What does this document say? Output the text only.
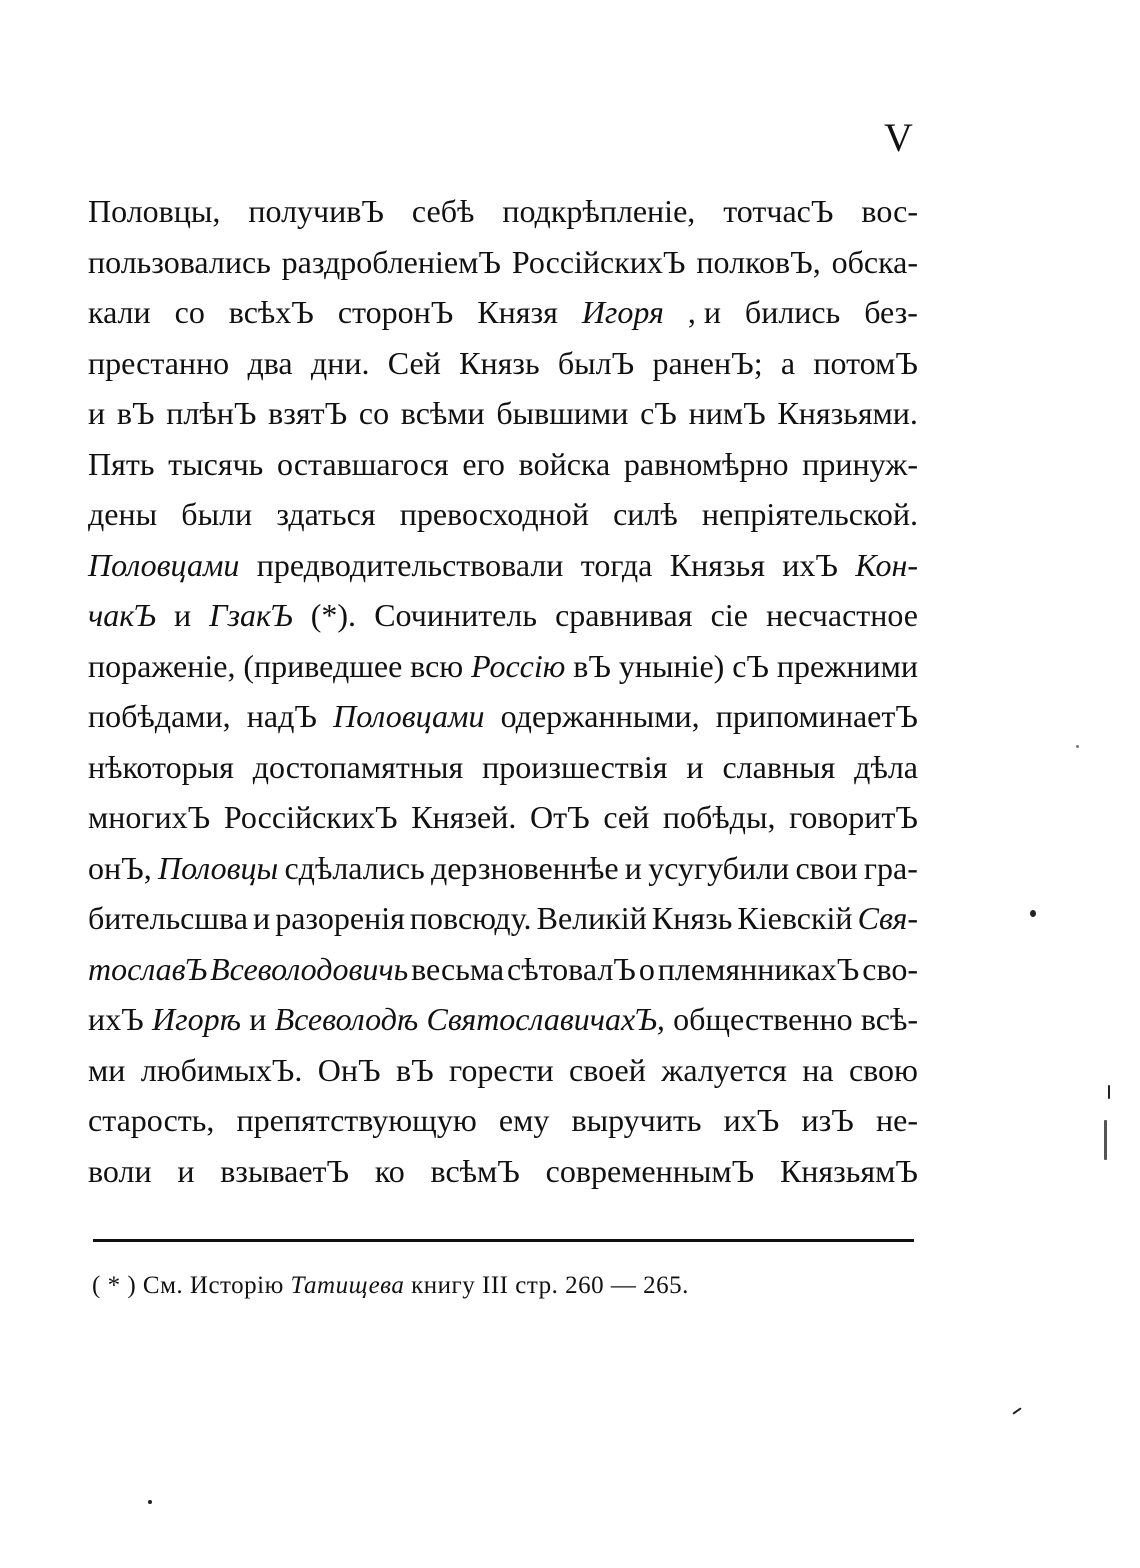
V
Половцы, получивЪ себѣ подкрѣпленіе, тотчасЪ вос-
пользовались раздробленіемЪ РоссійскихЪ полковЪ, обска-
кали со всѣхЪ сторонЪ Князя Игоря , и бились без-
престанно два дни. Сей Князь былЪ раненЪ; а потомЪ
и вЪ плѣнЪ взятЪ со всѣми бывшими сЪ нимЪ Князьями.
Пять тысячь оставшагося его войска равномѣрно принуж-
дены были здаться превосходной силѣ непріятельской.
Половцами предводительствовали тогда Князья ихЪ Кон-
чакЪ и ГзакЪ (*). Сочинитель сравнивая сіе несчастное
пораженіе, (приведшее всю Россію вЪ уныніе) сЪ прежними
побѣдами, надЪ Половцами одержанными, припоминаетЪ
нѣкоторыя достопамятныя произшествія и славныя дѣла
многихЪ РоссійскихЪ Князей. ОтЪ сей побѣды, говоритЪ
онЪ, Половцы сдѣлались дерзновеннѣе и усугубили свои гра-
бительсшва и разоренія повсюду. Великій Князь Кіевскій Свя-
тославЪ Всеволодовичь весьма сѣтовалЪ о племянникахЪ сво-
ихЪ Игорѣ и Всеволодѣ СвятославичахЪ, общественно всѣ-
ми любимыхЪ. ОнЪ вЪ горести своей жалуется на свою
старость, препятствующую ему выручить ихЪ изЪ не-
воли и взываетЪ ко всѣмЪ современнымЪ КнязьямЪ
( * ) См. Исторію Татищева книгу III стр. 260 — 265.
